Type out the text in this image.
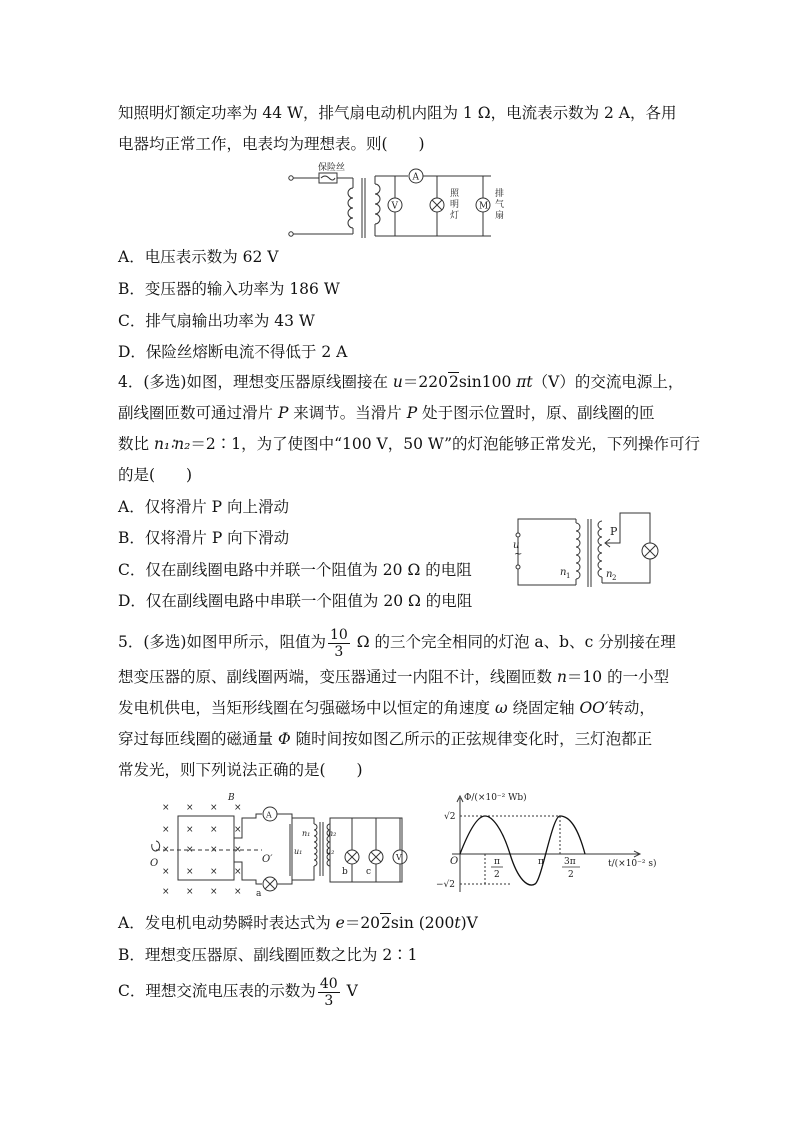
知照明灯额定功率为 44 W，排气扇电动机内阻为 1 Ω，电流表示数为 2 A，各用
电器均正常工作，电表均为理想表。则(　　)
保险丝
A
V	M
照
明
灯
排
气
扇
A．电压表示数为 62 V
B．变压器的输入功率为 186 W
C．排气扇输出功率为 43 W
D．保险丝熔断电流不得低于 2 A
4．(多选)如图，理想变压器原线圈接在 u＝2202sin100 πt（V）的交流电源上，
副线圈匝数可通过滑片 P 来调节。当滑片 P 处于图示位置时，原、副线圈的匝
数比 n₁∶n₂＝2∶1，为了使图中“100 V，50 W”的灯泡能够正常发光，下列操作可行
的是(　　)
A．仅将滑片 P 向上滑动
B．仅将滑片 P 向下滑动
C．仅在副线圈电路中并联一个阻值为 20 Ω 的电阻
D．仅在副线圈电路中串联一个阻值为 20 Ω 的电阻
u
~
n 1	n 2
P
5．(多选)如图甲所示，阻值为 $\frac{10}{3}$ Ω 的三个完全相同的灯泡 a、b、c 分别接在理
想变压器的原、副线圈两端，变压器通过一内阻不计，线圈匝数 n＝10 的一小型
发电机供电，当矩形线圈在匀强磁场中以恒定的角速度 ω 绕固定轴 OO′转动，
穿过每匝线圈的磁通量 Φ 随时间按如图乙所示的正弦规律变化时，三灯泡都正
常发光，则下列说法正确的是(　　)
× × × ×
× × × ×
× × × ×
× × × ×
× × × ×
B
A
O	O′
a
b c
V
n₁ n₂
u₁	u₂
Φ/(×10⁻² Wb)
t/(×10⁻² s)
√2
−√2
O	π
2
π 3π
2
A．发电机电动势瞬时表达式为 e＝202sin (200t)V
B．理想变压器原、副线圈匝数之比为 2∶1
C．理想交流电压表的示数为 $\frac{40}{3}$ V
